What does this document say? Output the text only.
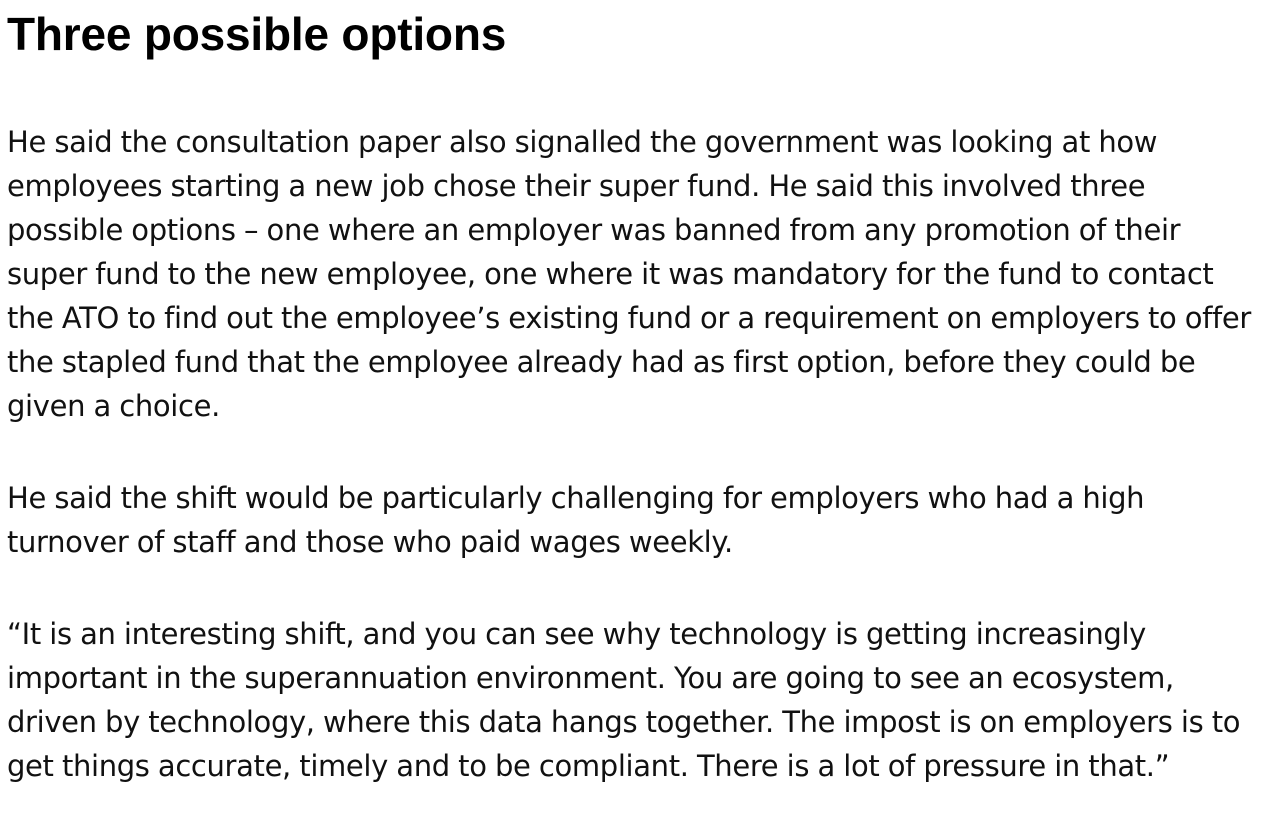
Three possible options

He said the consultation paper also signalled the government was looking at how employees starting a new job chose their super fund. He said this involved three possible options – one where an employer was banned from any promotion of their super fund to the new employee, one where it was mandatory for the fund to contact the ATO to find out the employee’s existing fund or a requirement on employers to offer the stapled fund that the employee already had as first option, before they could be given a choice.

He said the shift would be particularly challenging for employers who had a high turnover of staff and those who paid wages weekly.

“It is an interesting shift, and you can see why technology is getting increasingly important in the superannuation environment. You are going to see an ecosystem, driven by technology, where this data hangs together. The impost is on employers is to get things accurate, timely and to be compliant. There is a lot of pressure in that.”
